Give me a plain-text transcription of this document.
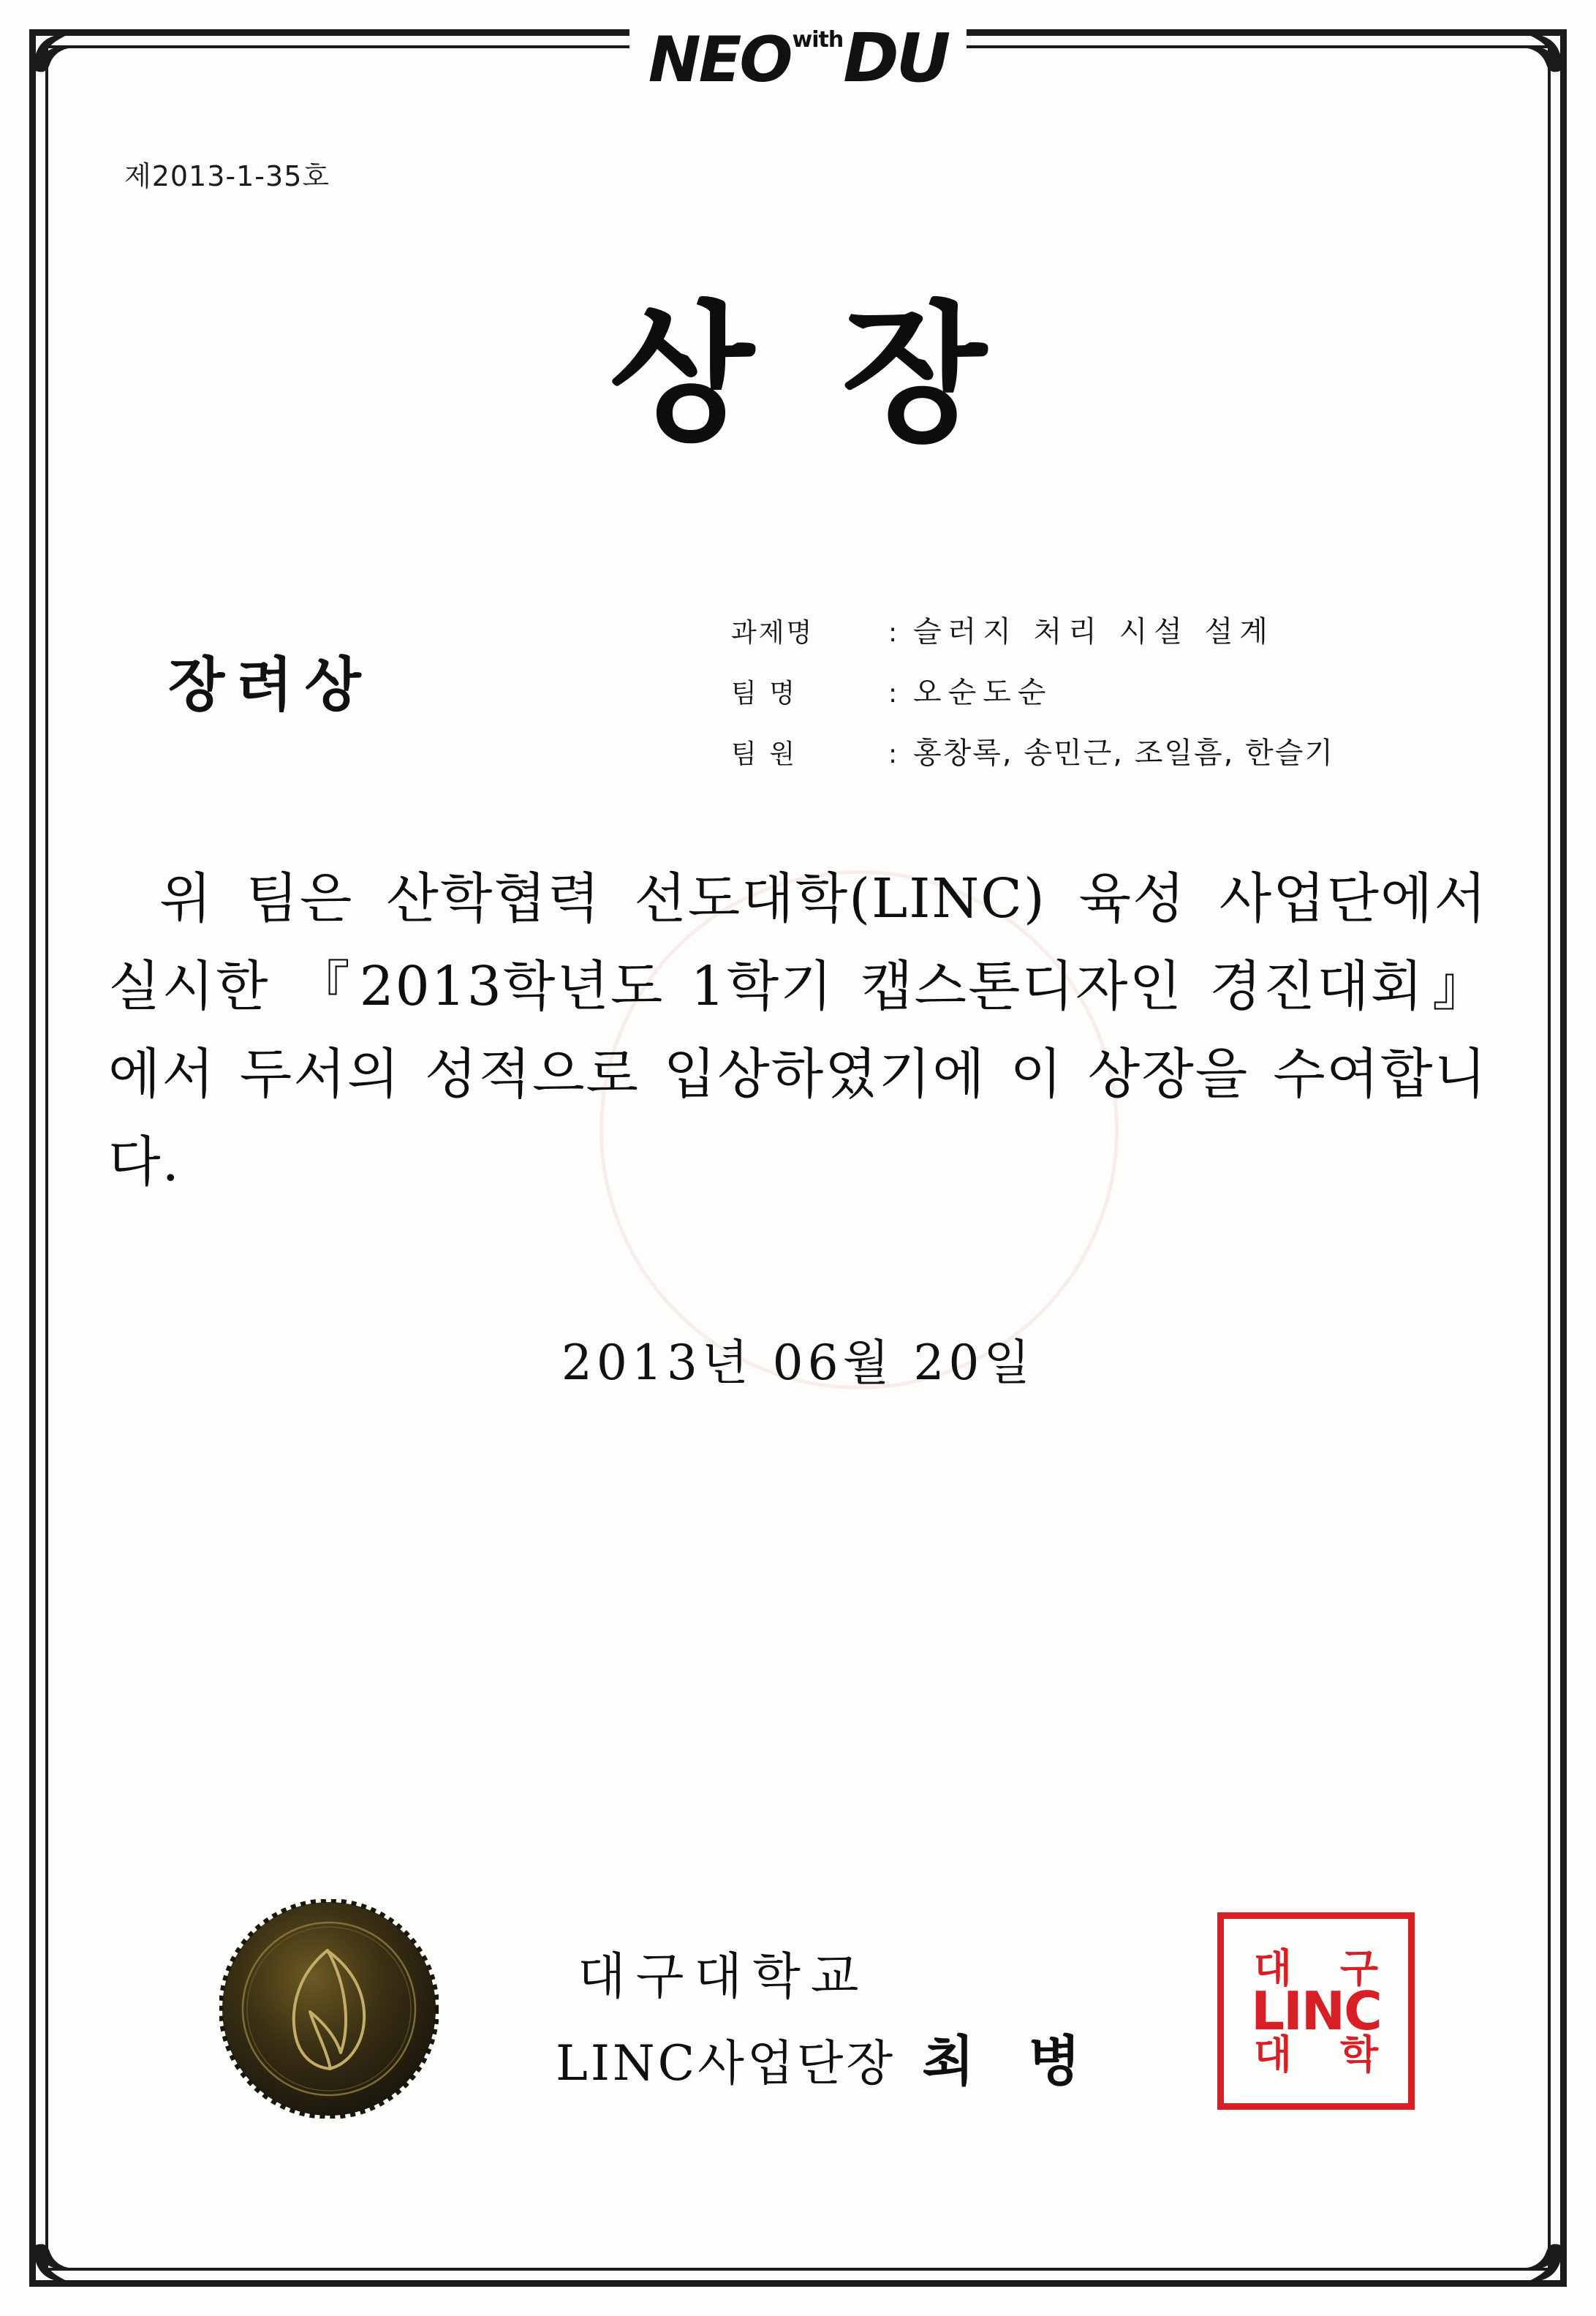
NEO with DU
제2013-1-35호
상장
장려상
과제명	: 슬러지 처리 시설 설계
팀 명	: 오순도순
팀 원	: 홍창록, 송민근, 조일흠, 한슬기
위 팀은 산학협력 선도대학(LINC) 육성 사업단에서 실시한 『2013학년도 1학기 캡스톤디자인 경진대회』에서 두서의 성적으로 입상하였기에 이 상장을 수여합니다.
2013년 06월 20일
대구대학교
LINC사업단장 최 병
대	구
대	학
LINC
